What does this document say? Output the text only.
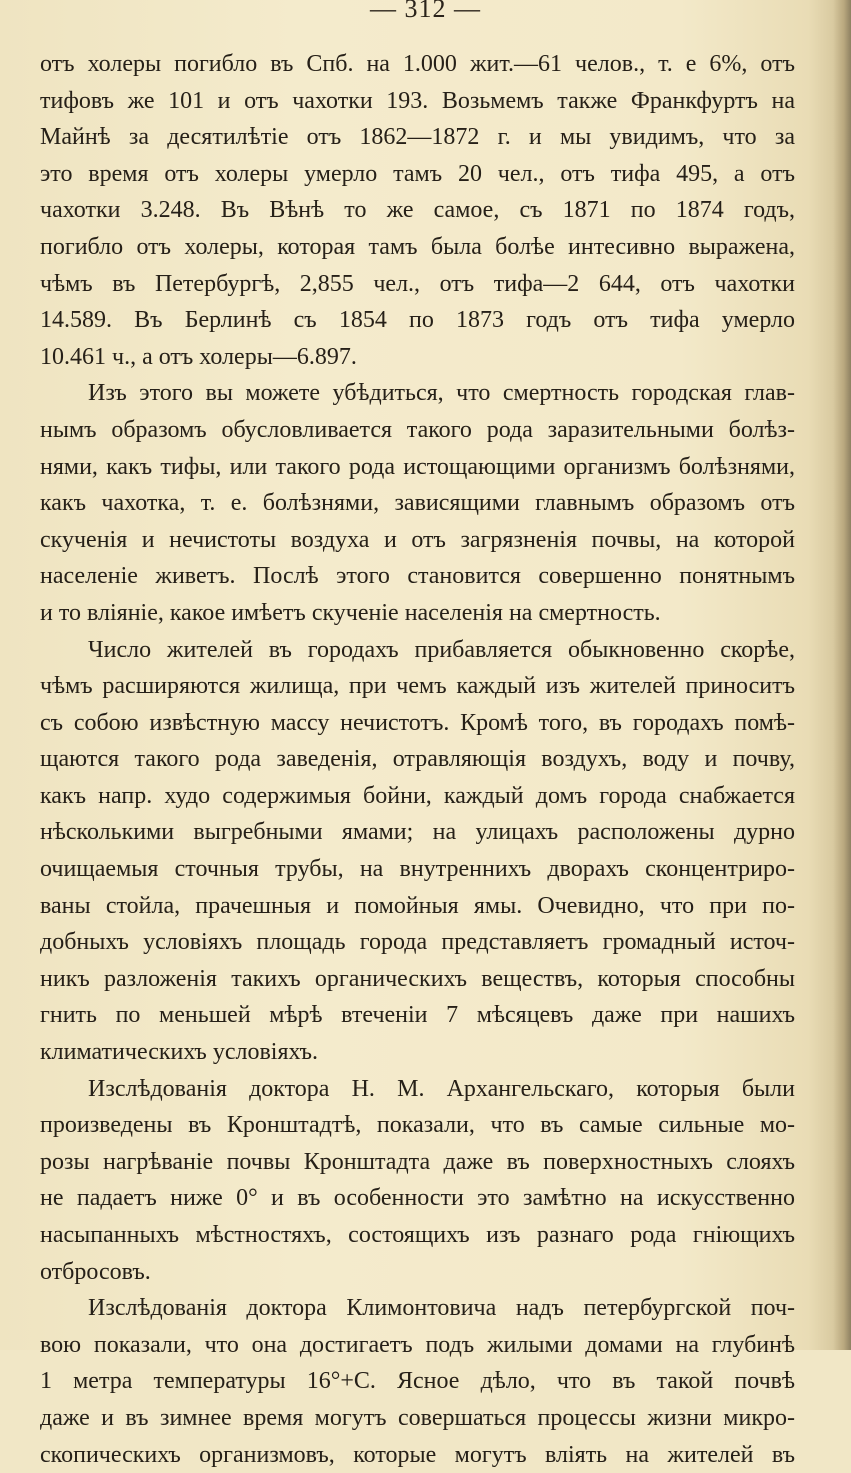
— 312 —
отъ холеры погибло въ Спб. на 1.000 жит.—61 челов., т. е 6%, отъ
тифовъ же 101 и отъ чахотки 193. Возьмемъ также Франкфуртъ на
Майнѣ за десятилѣтіе отъ 1862—1872 г. и мы увидимъ, что за
это время отъ холеры умерло тамъ 20 чел., отъ тифа 495, а отъ
чахотки 3.248. Въ Вѣнѣ то же самое, съ 1871 по 1874 годъ,
погибло отъ холеры, которая тамъ была болѣе интесивно выражена,
чѣмъ въ Петербургѣ, 2,855 чел., отъ тифа—2 644, отъ чахотки
14.589. Въ Берлинѣ съ 1854 по 1873 годъ отъ тифа умерло
10.461 ч., а отъ холеры—6.897.
Изъ этого вы можете убѣдиться, что смертность городская глав-
нымъ образомъ обусловливается такого рода заразительными болѣз-
нями, какъ тифы, или такого рода истощающими организмъ болѣзнями,
какъ чахотка, т. е. болѣзнями, зависящими главнымъ образомъ отъ
скученія и нечистоты воздуха и отъ загрязненія почвы, на которой
населеніе живетъ. Послѣ этого становится совершенно понятнымъ
и то вліяніе, какое имѣетъ скученіе населенія на смертность.
Число жителей въ городахъ прибавляется обыкновенно скорѣе,
чѣмъ расширяются жилища, при чемъ каждый изъ жителей приноситъ
съ собою извѣстную массу нечистотъ. Кромѣ того, въ городахъ помѣ-
щаются такого рода заведенія, отравляющія воздухъ, воду и почву,
какъ напр. худо содержимыя бойни, каждый домъ города снабжается
нѣсколькими выгребными ямами; на улицахъ расположены дурно
очищаемыя сточныя трубы, на внутреннихъ дворахъ сконцентриро-
ваны стойла, прачешныя и помойныя ямы. Очевидно, что при по-
добныхъ условіяхъ площадь города представляетъ громадный источ-
никъ разложенія такихъ органическихъ веществъ, которыя способны
гнить по меньшей мѣрѣ втеченіи 7 мѣсяцевъ даже при нашихъ
климатическихъ условіяхъ.
Изслѣдованія доктора Н. М. Архангельскаго, которыя были
произведены въ Кронштадтѣ, показали, что въ самые сильные мо-
розы нагрѣваніе почвы Кронштадта даже въ поверхностныхъ слояхъ
не падаетъ ниже 0° и въ особенности это замѣтно на искусственно
насыпанныхъ мѣстностяхъ, состоящихъ изъ разнаго рода гніющихъ
отбросовъ.
Изслѣдованія доктора Климонтовича надъ петербургской поч-
вою показали, что она достигаетъ подъ жилыми домами на глубинѣ
1 метра температуры 16°+С. Ясное дѣло, что въ такой почвѣ
даже и въ зимнее время могутъ совершаться процессы жизни микро-
скопическихъ организмовъ, которые могутъ вліять на жителей въ
